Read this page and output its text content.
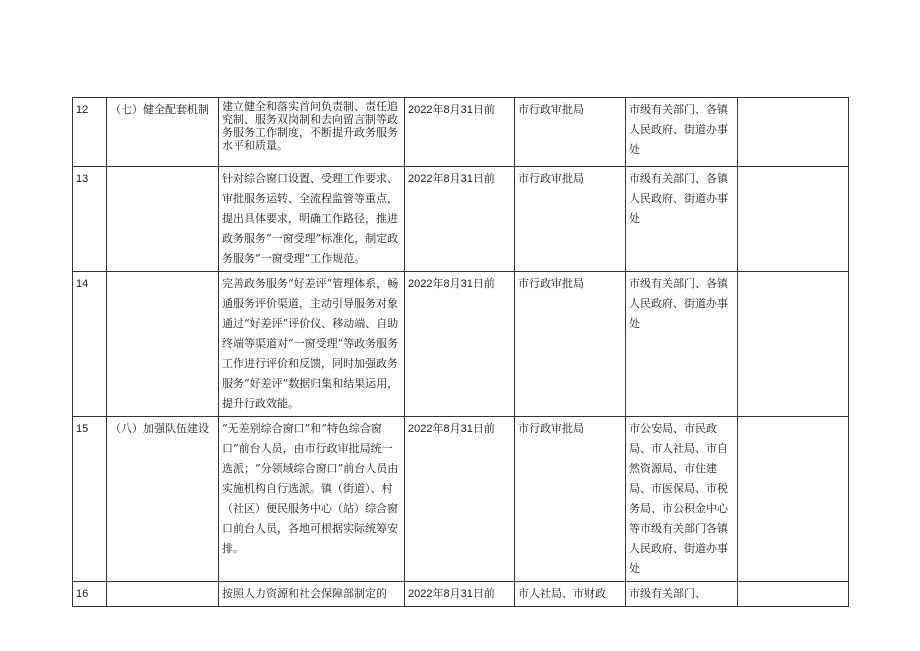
12	（七）健全配套机制	建立健全和落实首问负责制、责任追究制、服务双岗制和去向留言制等政务服务工作制度，不断提升政务服务水平和质量。	2022年8月31日前	市行政审批局	市级有关部门、各镇人民政府、街道办事处	
13		针对综合窗口设置、受理工作要求、审批服务运转、全流程监管等重点，提出具体要求，明确工作路径，推进政务服务“一窗受理”标准化，制定政务服务“一窗受理”工作规范。	2022年8月31日前	市行政审批局	市级有关部门、各镇人民政府、街道办事处	
14		完善政务服务“好差评”管理体系，畅通服务评价渠道，主动引导服务对象通过“好差评”评价仪、移动端、自助终端等渠道对“一窗受理”等政务服务工作进行评价和反馈，同时加强政务服务“好差评”数据归集和结果运用，提升行政效能。	2022年8月31日前	市行政审批局	市级有关部门、各镇人民政府、街道办事处	
15	（八）加强队伍建设	“无差别综合窗口”和“特色综合窗口”前台人员，由市行政审批局统一选派；“分领域综合窗口”前台人员由实施机构自行选派。镇（街道）、村（社区）便民服务中心（站）综合窗口前台人员，各地可根据实际统筹安排。	2022年8月31日前	市行政审批局	市公安局、市民政局、市人社局、市自然资源局、市住建局、市医保局、市税务局、市公积金中心等市级有关部门各镇人民政府、街道办事处	
16		按照人力资源和社会保障部制定的	2022年8月31日前	市人社局、市财政	市级有关部门、	
